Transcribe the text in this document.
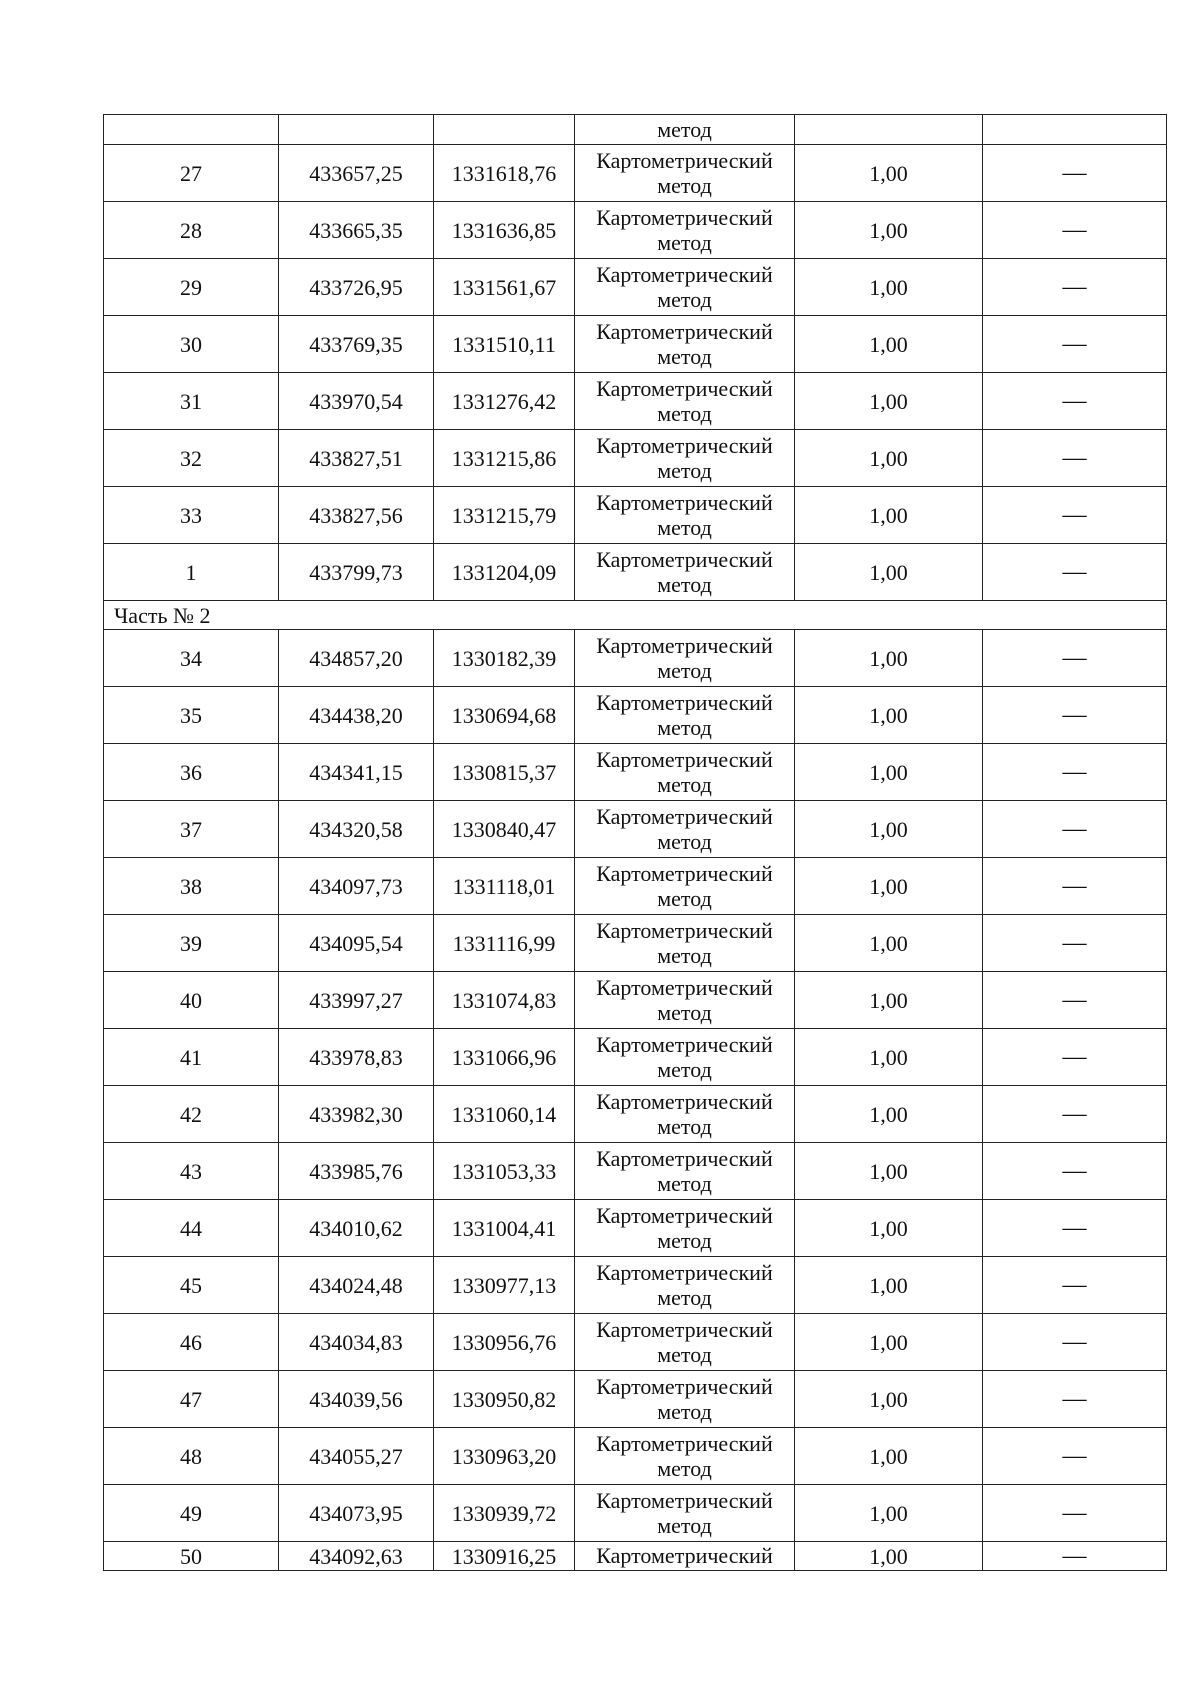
			метод		

27	433657,25	1331618,76	Картометрический
метод	1,00	—
28	433665,35	1331636,85	Картометрический
метод	1,00	—
29	433726,95	1331561,67	Картометрический
метод	1,00	—
30	433769,35	1331510,11	Картометрический
метод	1,00	—
31	433970,54	1331276,42	Картометрический
метод	1,00	—
32	433827,51	1331215,86	Картометрический
метод	1,00	—
33	433827,56	1331215,79	Картометрический
метод	1,00	—
1	433799,73	1331204,09	Картометрический
метод	1,00	—
Часть № 2					
34	434857,20	1330182,39	Картометрический
метод	1,00	—
35	434438,20	1330694,68	Картометрический
метод	1,00	—
36	434341,15	1330815,37	Картометрический
метод	1,00	—
37	434320,58	1330840,47	Картометрический
метод	1,00	—
38	434097,73	1331118,01	Картометрический
метод	1,00	—
39	434095,54	1331116,99	Картометрический
метод	1,00	—
40	433997,27	1331074,83	Картометрический
метод	1,00	—
41	433978,83	1331066,96	Картометрический
метод	1,00	—
42	433982,30	1331060,14	Картометрический
метод	1,00	—
43	433985,76	1331053,33	Картометрический
метод	1,00	—
44	434010,62	1331004,41	Картометрический
метод	1,00	—
45	434024,48	1330977,13	Картометрический
метод	1,00	—
46	434034,83	1330956,76	Картометрический
метод	1,00	—
47	434039,56	1330950,82	Картометрический
метод	1,00	—
48	434055,27	1330963,20	Картометрический
метод	1,00	—
49	434073,95	1330939,72	Картометрический
метод	1,00	—
50	434092,63	1330916,25	Картометрический	1,00	—
